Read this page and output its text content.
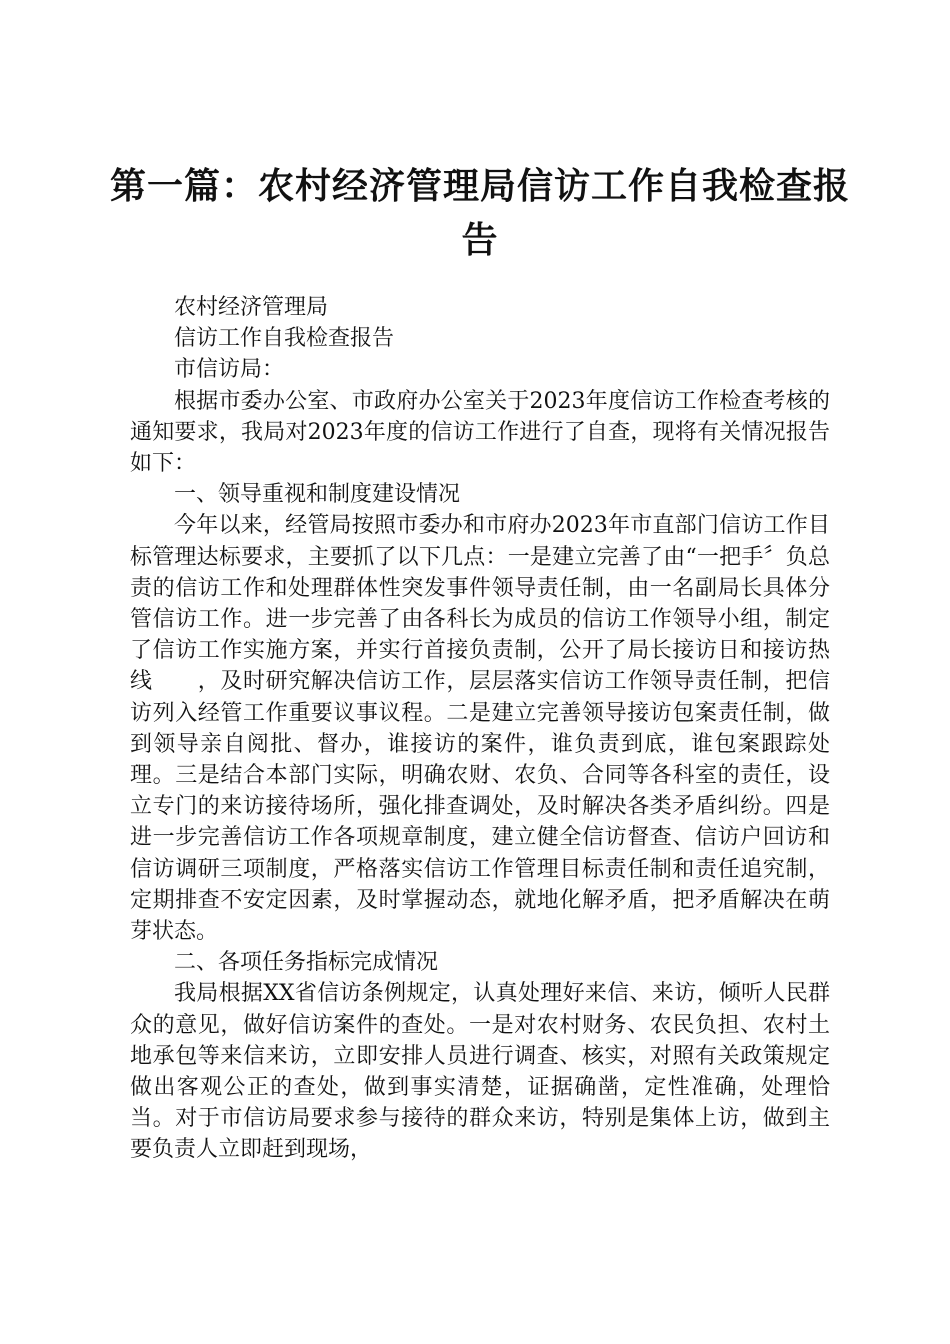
第一篇：农村经济管理局信访工作自我检查报告

农村经济管理局

信访工作自我检查报告

市信访局：

根据市委办公室、市政府办公室关于2023年度信访工作检查考核的通知要求，我局对2023年度的信访工作进行了自查，现将有关情况报告如下：

一、领导重视和制度建设情况

今年以来，经管局按照市委办和市府办2023年市直部门信访工作目标管理达标要求，主要抓了以下几点：一是建立完善了由“一把手〞负总责的信访工作和处理群体性突发事件领导责任制，由一名副局长具体分管信访工作。进一步完善了由各科长为成员的信访工作领导小组，制定了信访工作实施方案，并实行首接负责制，公开了局长接访日和接访热线　　，及时研究解决信访工作，层层落实信访工作领导责任制，把信访列入经管工作重要议事议程。二是建立完善领导接访包案责任制，做到领导亲自阅批、督办，谁接访的案件，谁负责到底，谁包案跟踪处理。三是结合本部门实际，明确农财、农负、合同等各科室的责任，设立专门的来访接待场所，强化排查调处，及时解决各类矛盾纠纷。四是进一步完善信访工作各项规章制度，建立健全信访督查、信访户回访和信访调研三项制度，严格落实信访工作管理目标责任制和责任追究制，定期排查不安定因素，及时掌握动态，就地化解矛盾，把矛盾解决在萌芽状态。

二、各项任务指标完成情况

我局根据XX省信访条例规定，认真处理好来信、来访，倾听人民群众的意见，做好信访案件的查处。一是对农村财务、农民负担、农村土地承包等来信来访，立即安排人员进行调查、核实，对照有关政策规定做出客观公正的查处，做到事实清楚，证据确凿，定性准确，处理恰当。对于市信访局要求参与接待的群众来访，特别是集体上访，做到主要负责人立即赶到现场，
